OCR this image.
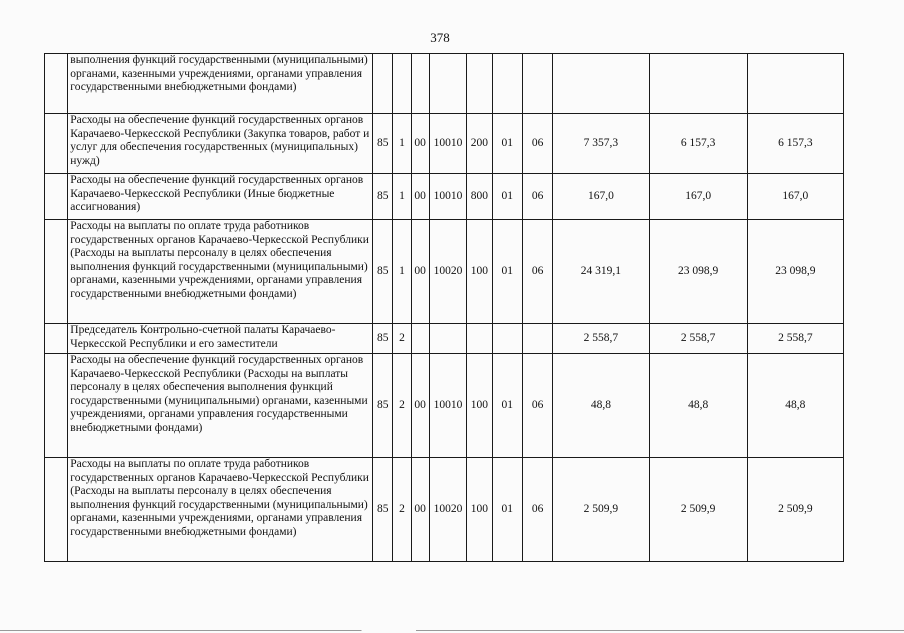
378
	выполнения функций государственными (муниципальными) органами, казенными учреждениями, органами управления государственными внебюджетными фондами)										
	Расходы на обеспечение функций государственных органов Карачаево-Черкесской Республики (Закупка товаров, работ и услуг для обеспечения государственных (муниципальных) нужд)	85	1	00	10010	200	01	06	7 357,3	6 157,3	6 157,3
	Расходы на обеспечение функций государственных органов Карачаево-Черкесской Республики (Иные бюджетные ассигнования)	85	1	00	10010	800	01	06	167,0	167,0	167,0
	Расходы на выплаты по оплате труда работников государственных органов Карачаево-Черкесской Республики (Расходы на выплаты персоналу в целях обеспечения выполнения функций государственными (муниципальными) органами, казенными учреждениями, органами управления государственными внебюджетными фондами)	85	1	00	10020	100	01	06	24 319,1	23 098,9	23 098,9
	Председатель Контрольно-счетной палаты Карачаево-Черкесской Республики и его заместители	85	2						2 558,7	2 558,7	2 558,7
	Расходы на обеспечение функций государственных органов Карачаево-Черкесской Республики (Расходы на выплаты персоналу в целях обеспечения выполнения функций государственными (муниципальными) органами, казенными учреждениями, органами управления государственными внебюджетными фондами)	85	2	00	10010	100	01	06	48,8	48,8	48,8
	Расходы на выплаты по оплате труда работников государственных органов Карачаево-Черкесской Республики (Расходы на выплаты персоналу в целях обеспечения выполнения функций государственными (муниципальными) органами, казенными учреждениями, органами управления государственными внебюджетными фондами)	85	2	00	10020	100	01	06	2 509,9	2 509,9	2 509,9
